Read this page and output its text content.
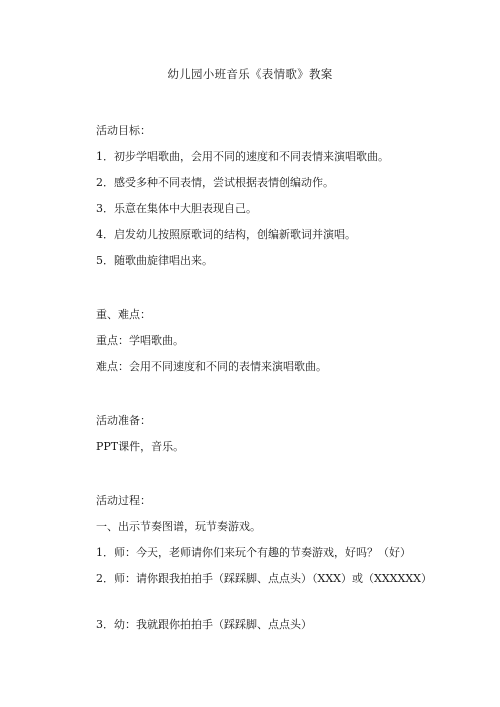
幼儿园小班音乐《表情歌》教案
活动目标：
1．初步学唱歌曲，会用不同的速度和不同表情来演唱歌曲。
2．感受多种不同表情，尝试根据表情创编动作。
3．乐意在集体中大胆表现自己。
4．启发幼儿按照原歌词的结构，创编新歌词并演唱。
5．随歌曲旋律唱出来。
重、难点：
重点：学唱歌曲。
难点：会用不同速度和不同的表情来演唱歌曲。
活动准备：
PPT课件，音乐。
活动过程：
一、出示节奏图谱，玩节奏游戏。
1．师：今天，老师请你们来玩个有趣的节奏游戏，好吗？（好）
2．师：请你跟我拍拍手（踩踩脚、点点头）（XXX）或（XXXXXX）
3．幼：我就跟你拍拍手（踩踩脚、点点头）
